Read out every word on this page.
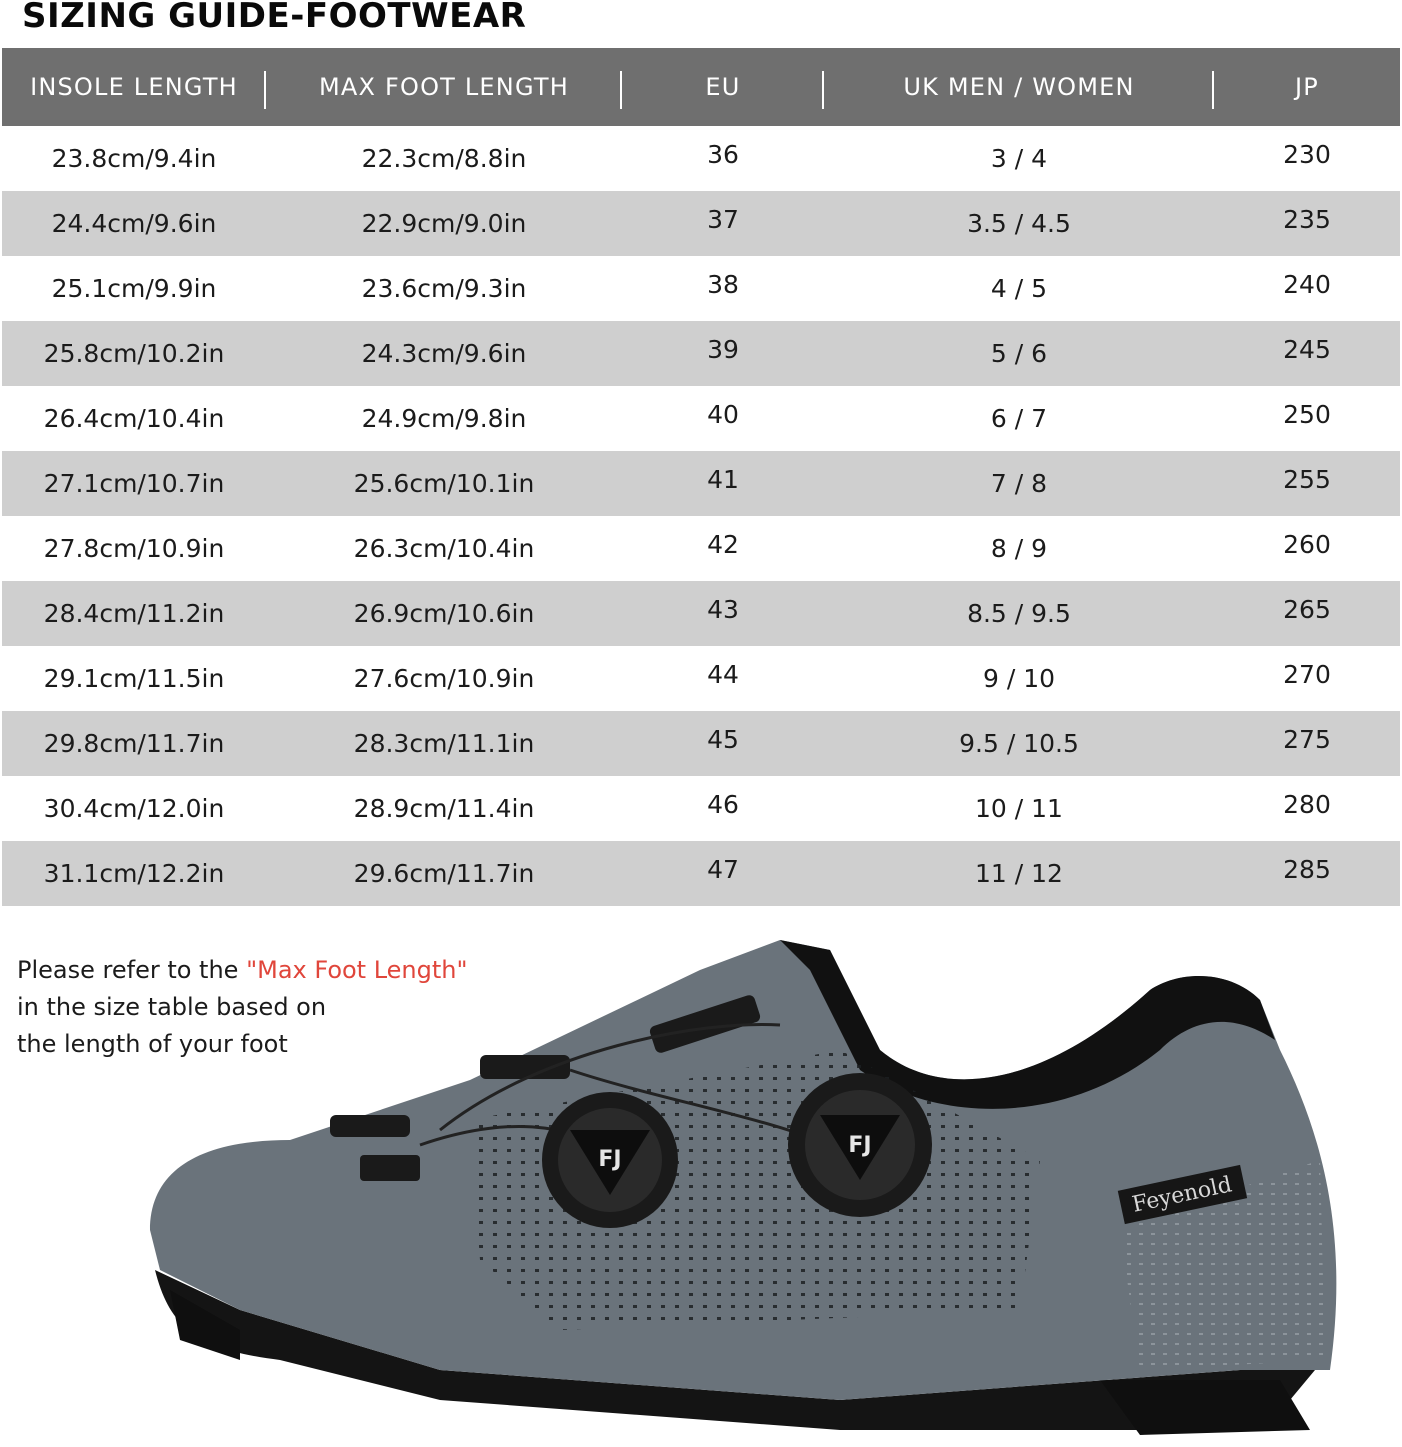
SIZING GUIDE-FOOTWEAR
INSOLE LENGTH	MAX FOOT LENGTH	EU	UK MEN / WOMEN	JP
23.8cm/9.4in	22.3cm/8.8in	36	3 / 4	230
24.4cm/9.6in	22.9cm/9.0in	37	3.5 / 4.5	235
25.1cm/9.9in	23.6cm/9.3in	38	4 / 5	240
25.8cm/10.2in	24.3cm/9.6in	39	5 / 6	245
26.4cm/10.4in	24.9cm/9.8in	40	6 / 7	250
27.1cm/10.7in	25.6cm/10.1in	41	7 / 8	255
27.8cm/10.9in	26.3cm/10.4in	42	8 / 9	260
28.4cm/11.2in	26.9cm/10.6in	43	8.5 / 9.5	265
29.1cm/11.5in	27.6cm/10.9in	44	9 / 10	270
29.8cm/11.7in	28.3cm/11.1in	45	9.5 / 10.5	275
30.4cm/12.0in	28.9cm/11.4in	46	10 / 11	280
31.1cm/12.2in	29.6cm/11.7in	47	11 / 12	285
Please refer to the "Max Foot Length"
in the size table based on
the length of your foot
FJ
FJ
Feyenold
